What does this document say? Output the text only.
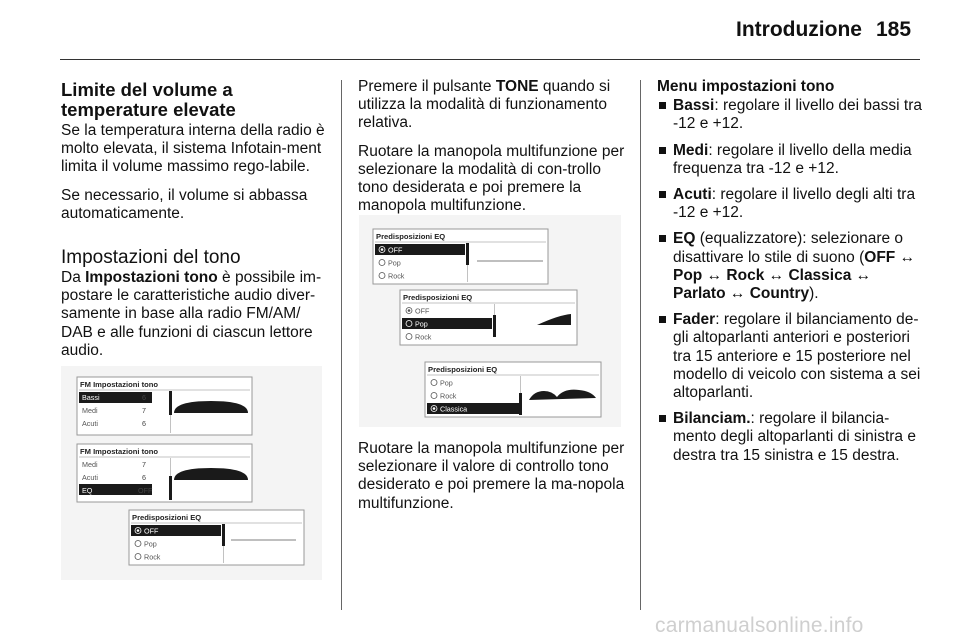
Introduzione 185
Limite del volume a temperature elevate

Se la temperatura interna della radio è molto elevata, il sistema Infotain-ment limita il volume massimo rego-labile.

Se necessario, il volume si abbassa automaticamente.

Impostazioni del tono

Da Impostazioni tono è possibile im-postare le caratteristiche audio diver-samente in base alla radio FM/AM/ DAB e alle funzioni di ciascun lettore audio.

FM Impostazioni tono
Bassi	6
Medi	7
Acuti	6
FM Impostazioni tono
Medi	7
Acuti	6
EQ	OFF
Predisposizioni EQ
OFF
Pop
Rock

Premere il pulsante TONE quando si utilizza la modalità di funzionamento relativa.

Ruotare la manopola multifunzione per selezionare la modalità di con-trollo tono desiderata e poi premere la manopola multifunzione.

Ruotare la manopola multifunzione per selezionare il valore di controllo tono desiderato e poi premere la ma-nopola multifunzione.

Predisposizioni EQ
OFF
Pop
Rock
Predisposizioni EQ
OFF
Pop
Rock
Predisposizioni EQ
Pop
Rock
Classica
Menu impostazioni tono
Bassi: regolare il livello dei bassi tra -12 e +12.
Medi: regolare il livello della media frequenza tra -12 e +12.
Acuti: regolare il livello degli alti tra -12 e +12.
EQ (equalizzatore): selezionare o disattivare lo stile di suono (OFF ↔ Pop ↔ Rock ↔ Classica ↔ Parlato ↔ Country).
Fader: regolare il bilanciamento de-gli altoparlanti anteriori e posteriori tra 15 anteriore e 15 posteriore nel modello di veicolo con sistema a sei altoparlanti.
Bilanciam.: regolare il bilancia-mento degli altoparlanti di sinistra e destra tra 15 sinistra e 15 destra.
carmanualsonline.info
